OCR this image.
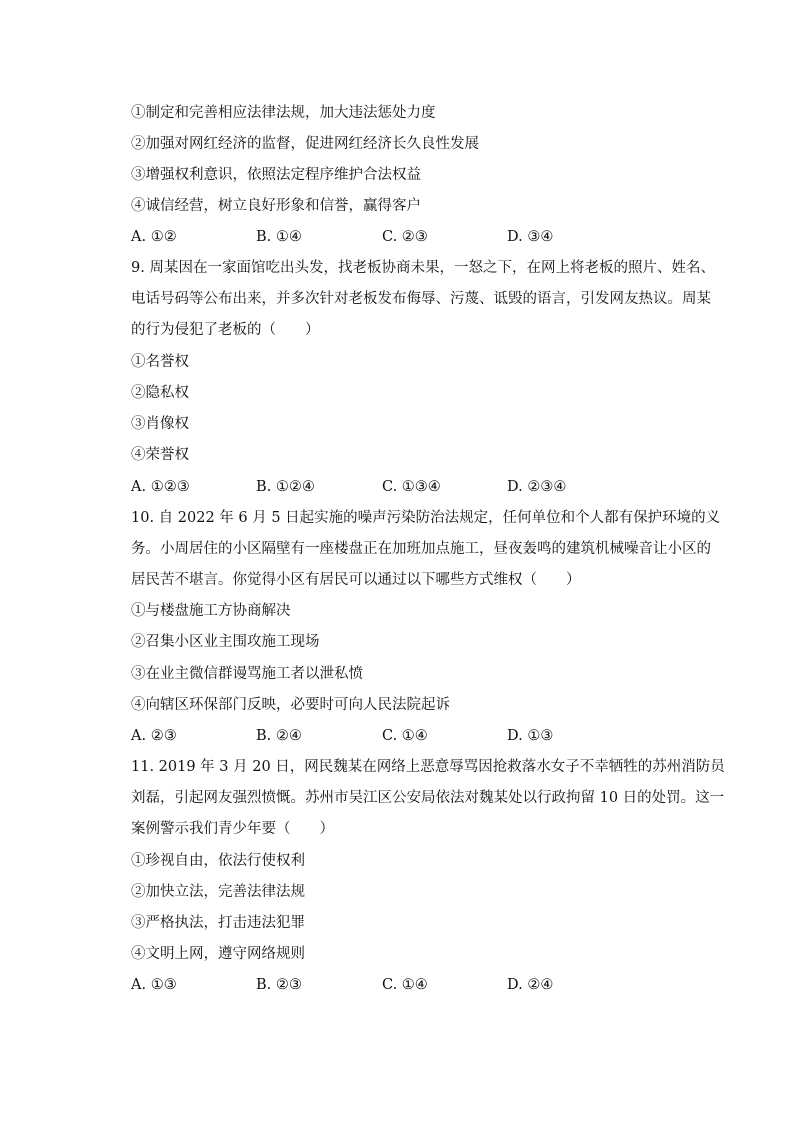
①制定和完善相应法律法规，加大违法惩处力度
②加强对网红经济的监督，促进网红经济长久良性发展
③增强权利意识，依照法定程序维护合法权益
④诚信经营，树立良好形象和信誉，赢得客户
A. ①②	B. ①④	C. ②③	D. ③④
9. 周某因在一家面馆吃出头发，找老板协商未果，一怒之下，在网上将老板的照片、姓名、
电话号码等公布出来，并多次针对老板发布侮辱、污蔑、诋毁的语言，引发网友热议。周某
的行为侵犯了老板的（　　）
①名誉权
②隐私权
③肖像权
④荣誉权
A. ①②③	B. ①②④	C. ①③④	D. ②③④
10. 自 2022 年 6 月 5 日起实施的噪声污染防治法规定，任何单位和个人都有保护环境的义
务。小周居住的小区隔壁有一座楼盘正在加班加点施工，昼夜轰鸣的建筑机械噪音让小区的
居民苦不堪言。你觉得小区有居民可以通过以下哪些方式维权（　　）
①与楼盘施工方协商解决
②召集小区业主围攻施工现场
③在业主微信群谩骂施工者以泄私愤
④向辖区环保部门反映，必要时可向人民法院起诉
A. ②③	B. ②④	C. ①④	D. ①③
11. 2019 年 3 月 20 日，网民魏某在网络上恶意辱骂因抢救落水女子不幸牺牲的苏州消防员
刘磊，引起网友强烈愤慨。苏州市吴江区公安局依法对魏某处以行政拘留 10 日的处罚。这一
案例警示我们青少年要（　　）
①珍视自由，依法行使权利
②加快立法，完善法律法规
③严格执法，打击违法犯罪
④文明上网，遵守网络规则
A. ①③	B. ②③	C. ①④	D. ②④
